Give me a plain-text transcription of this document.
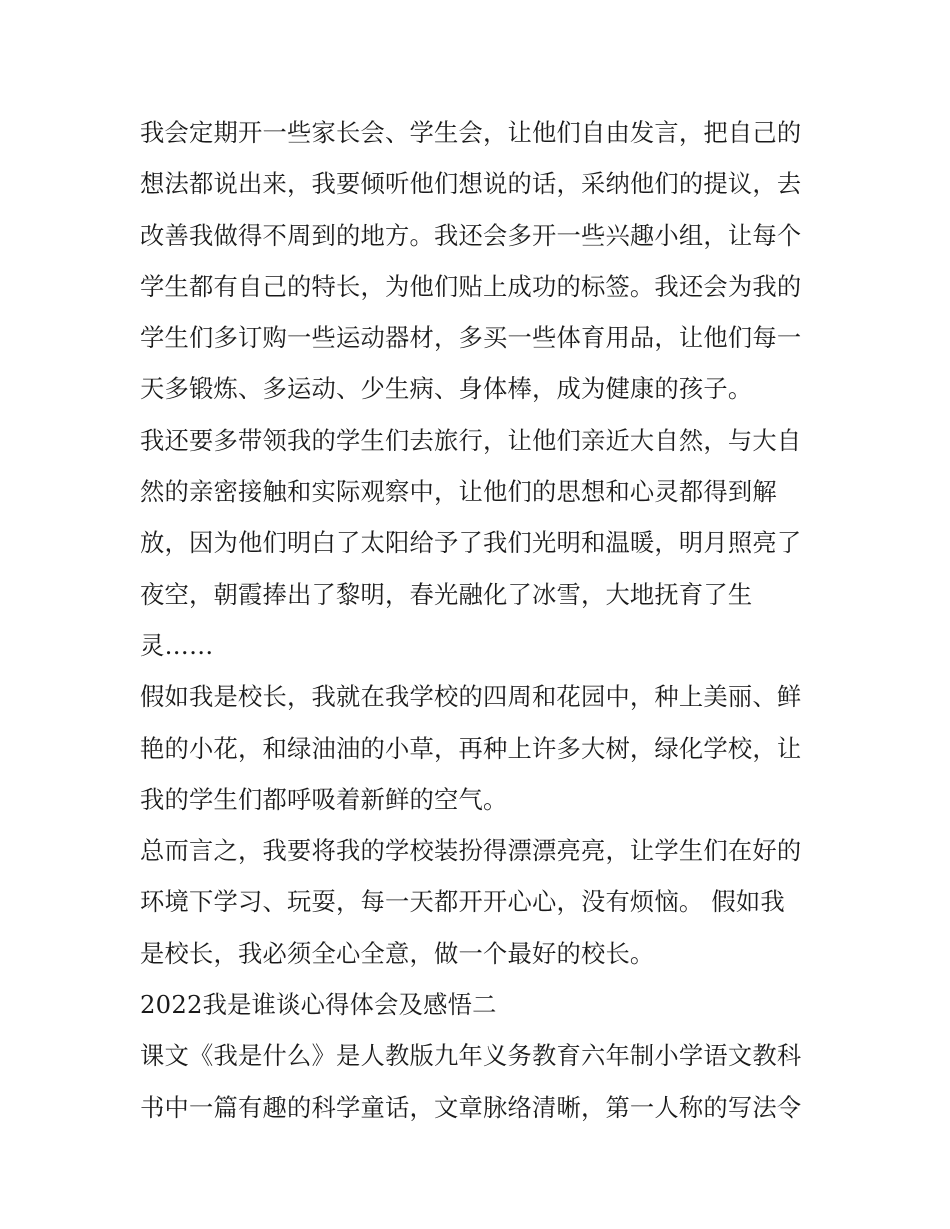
我会定期开一些家长会、学生会，让他们自由发言，把自己的
想法都说出来，我要倾听他们想说的话，采纳他们的提议，去
改善我做得不周到的地方。我还会多开一些兴趣小组，让每个
学生都有自己的特长，为他们贴上成功的标签。我还会为我的
学生们多订购一些运动器材，多买一些体育用品，让他们每一
天多锻炼、多运动、少生病、身体棒，成为健康的孩子。
我还要多带领我的学生们去旅行，让他们亲近大自然，与大自
然的亲密接触和实际观察中，让他们的思想和心灵都得到解
放，因为他们明白了太阳给予了我们光明和温暖，明月照亮了
夜空，朝霞捧出了黎明，春光融化了冰雪，大地抚育了生
灵……
假如我是校长，我就在我学校的四周和花园中，种上美丽、鲜
艳的小花，和绿油油的小草，再种上许多大树，绿化学校，让
我的学生们都呼吸着新鲜的空气。
总而言之，我要将我的学校装扮得漂漂亮亮，让学生们在好的
环境下学习、玩耍，每一天都开开心心，没有烦恼。 假如我
是校长，我必须全心全意，做一个最好的校长。
2022我是谁谈心得体会及感悟二
课文《我是什么》是人教版九年义务教育六年制小学语文教科
书中一篇有趣的科学童话，文章脉络清晰，第一人称的写法令
